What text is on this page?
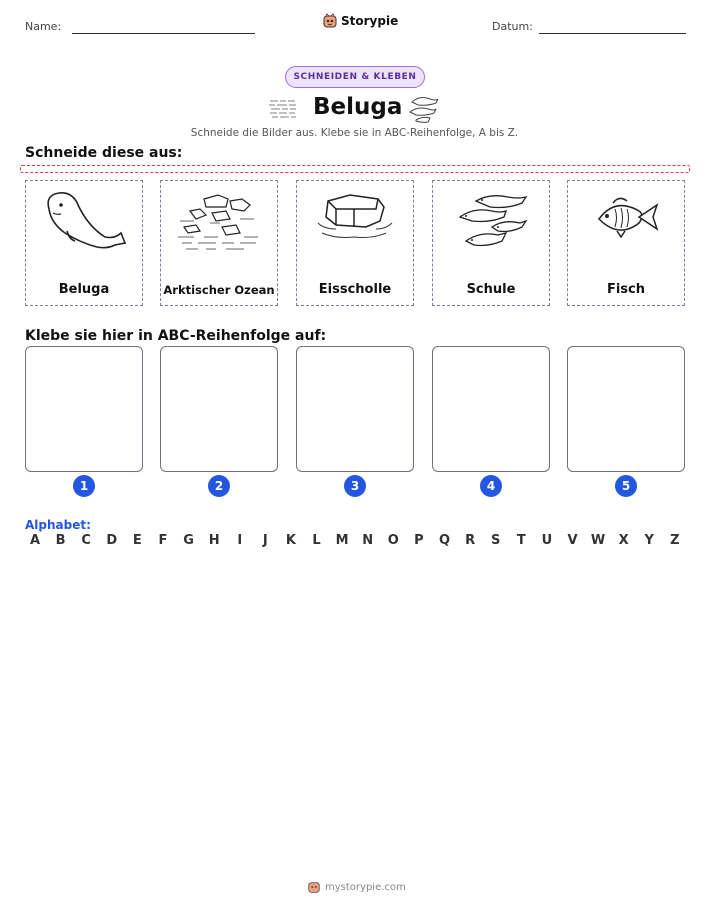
Name:	Storypie	Datum:
SCHNEIDEN & KLEBEN
Beluga
Schneide die Bilder aus. Klebe sie in ABC-Reihenfolge, A bis Z.
Schneide diese aus:
Beluga	Arktischer Ozean	Eisscholle	Schule	Fisch
Klebe sie hier in ABC-Reihenfolge auf:
1	2	3	4	5
Alphabet:
A	B	C	D	E	F	G	H	I	J	K	L	M	N	O	P	Q	R	S	T	U	V	W	X	Y	Z
mystorypie.com
